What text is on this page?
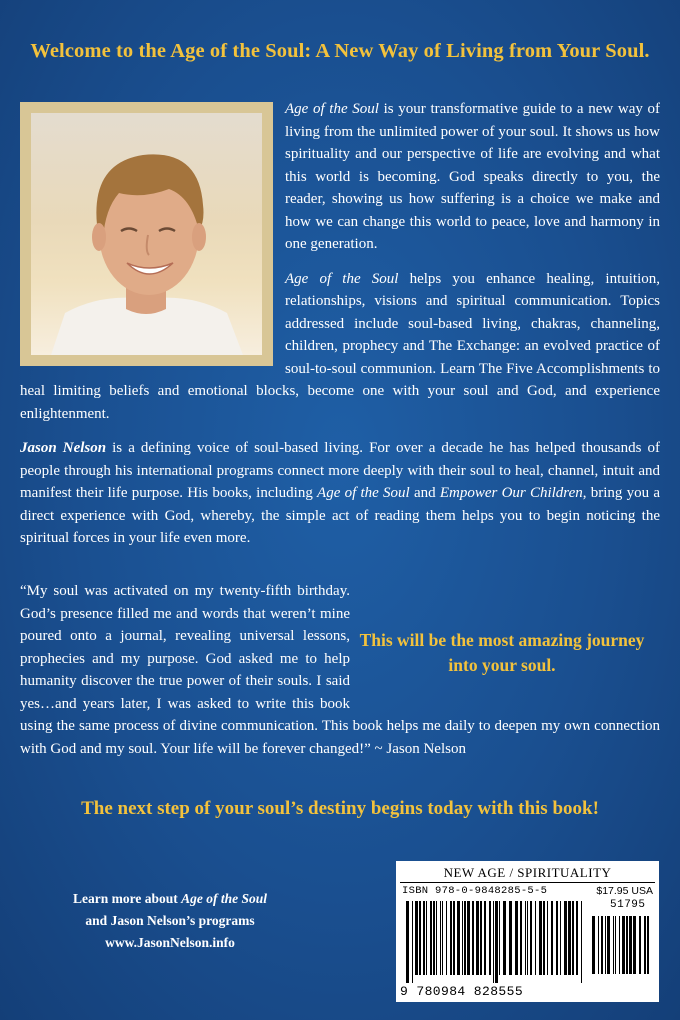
Welcome to the Age of the Soul: A New Way of Living from Your Soul.

Age of the Soul is your transformative guide to a new way of living from the unlimited power of your soul. It shows us how spirituality and our perspective of life are evolving and what this world is becoming. God speaks directly to you, the reader, showing us how suffering is a choice we make and how we can change this world to peace, love and harmony in one generation.

Age of the Soul helps you enhance healing, intuition, relationships, visions and spiritual communication. Topics addressed include soul-based living, chakras, channeling, children, prophecy and The Exchange: an evolved practice of soul-to-soul communion. Learn The Five Accomplishments to heal limiting beliefs and emotional blocks, become one with your soul and God, and experience enlightenment.

Jason Nelson is a defining voice of soul-based living. For over a decade he has helped thousands of people through his international programs connect more deeply with their soul to heal, channel, intuit and manifest their life purpose. His books, including Age of the Soul and Empower Our Children, bring you a direct experience with God, whereby, the simple act of reading them helps you to begin noticing the spiritual forces in your life even more.

“My soul was activated on my twenty-fifth birthday. God’s presence filled me and words that weren’t mine poured onto a journal, revealing universal lessons, prophecies and my purpose. God asked me to help humanity discover the true power of their souls. I said yes…and years later, I was asked to write this book using the same process of divine communication. This book helps me daily to deepen my own connection with God and my soul. Your life will be forever changed!” ~ Jason Nelson
This will be the most amazing journey into your soul.
The next step of your soul’s destiny begins today with this book!
Learn more about Age of the Soul
and Jason Nelson’s programs
www.JasonNelson.info
NEW AGE / SPIRITUALITY
ISBN 978-0-9848285-5-5	$17.95 USA
51795
9 780984 828555
